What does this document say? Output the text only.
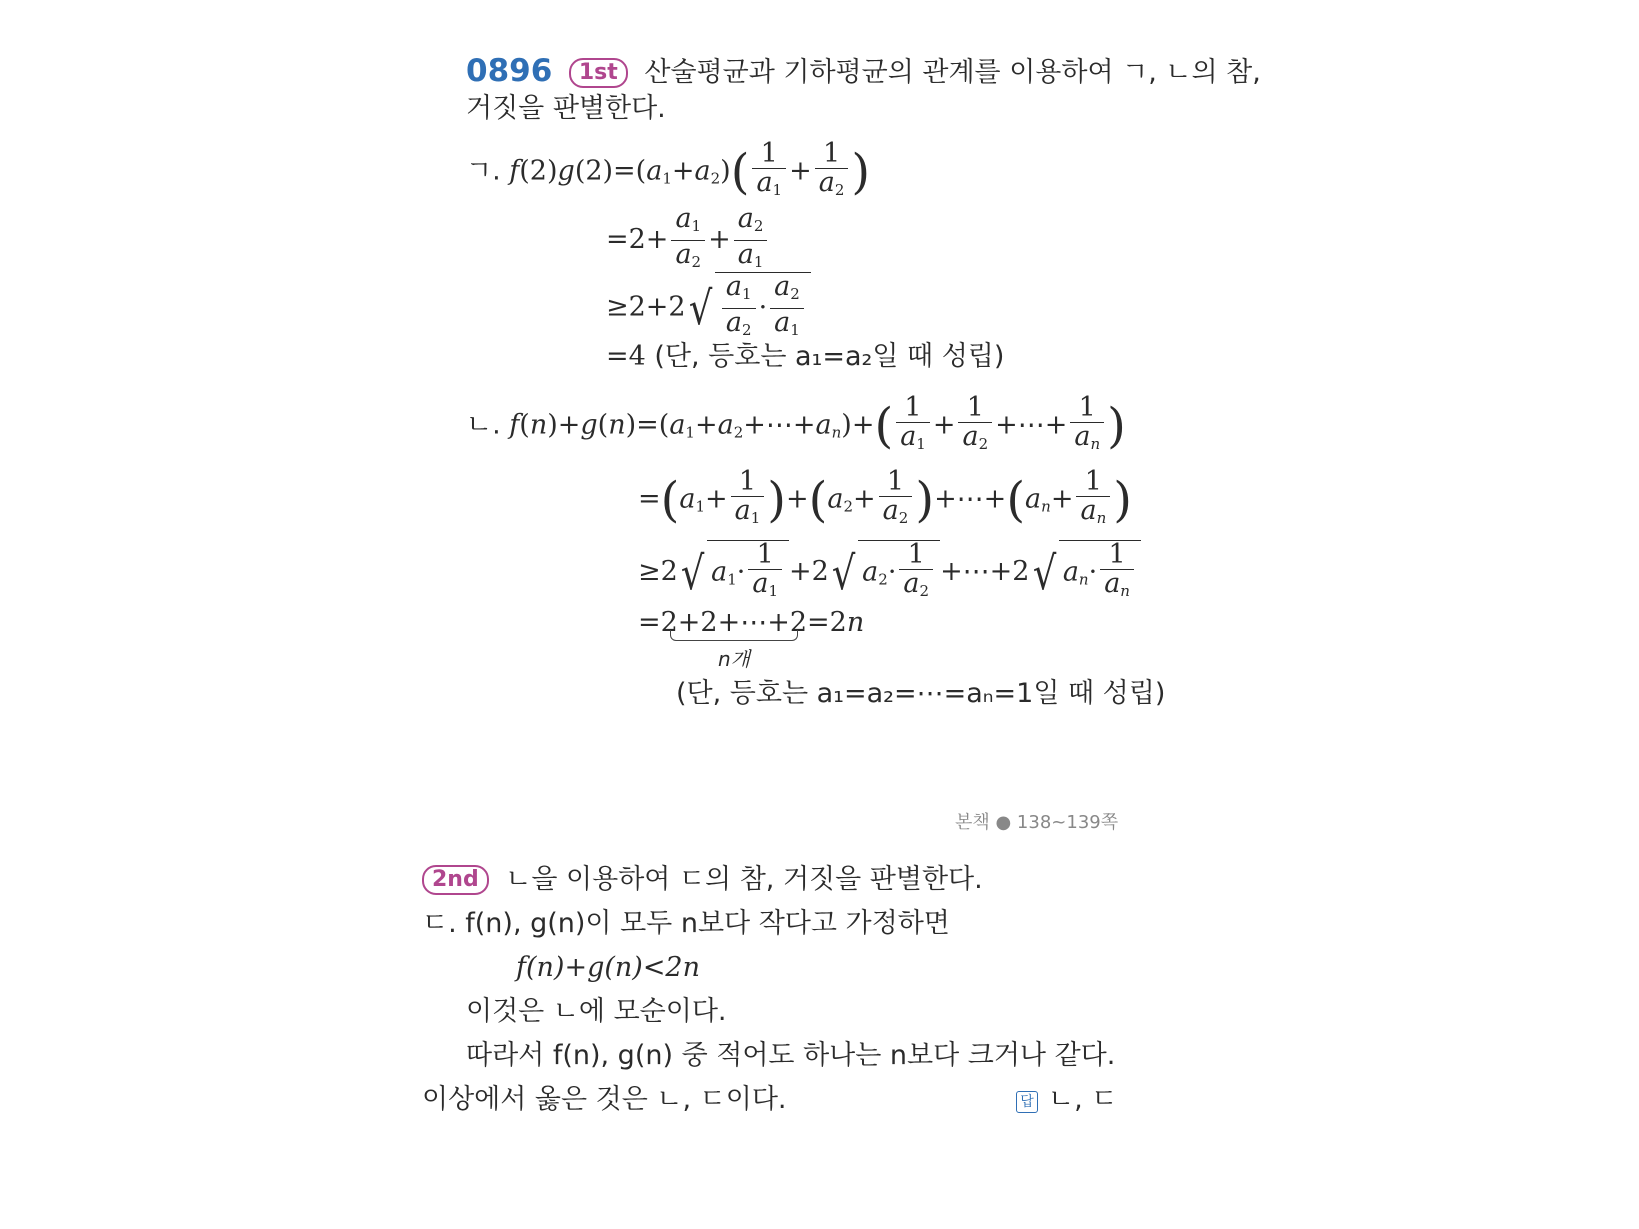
0896 1st 산술평균과 기하평균의 관계를 이용하여 ㄱ, ㄴ의 참,
거짓을 판별한다.
ㄱ. $f(2)g(2)=(a_1+a_2)( \frac{1}{a_1} + \frac{1}{a_2}$ )
$=2+ \frac{a_1}{a_2} + \frac{a_2}{a_1}$
$\ge 2+2√ \frac{a_1}{a_2} \cdot \frac{a_2}{a_1}$
=4 (단, 등호는 a₁=a₂일 때 성립)
ㄴ. $f(n)+g(n)=(a_1+a_2+\cdots+a_n)+( \frac{1}{a_1} + \frac{1}{a_2}$ +⋯+ $\frac{1}{a_n}$ )
$=(a_1+ \frac{1}{a_1} )+(a_2+ \frac{1}{a_2}$ )$+\cdots+(a_n+ \frac{1}{a_n}$ )
≥2√ $a_1\cdot \frac{1}{a_1} +2√$ $a_2\cdot \frac{1}{a_2}$ +⋯+2√ $a_n\cdot \frac{1}{a_n}$
=2+2+⋯+2=2n
n개
(단, 등호는 a₁=a₂=⋯=aₙ=1일 때 성립)
본책 ● 138~139쪽
2nd ㄴ을 이용하여 ㄷ의 참, 거짓을 판별한다.
ㄷ. f(n), g(n)이 모두 n보다 작다고 가정하면
f(n)+g(n)<2n
이것은 ㄴ에 모순이다.
따라서 f(n), g(n) 중 적어도 하나는 n보다 크거나 같다.
이상에서 옳은 것은 ㄴ, ㄷ이다.	답 ㄴ, ㄷ
